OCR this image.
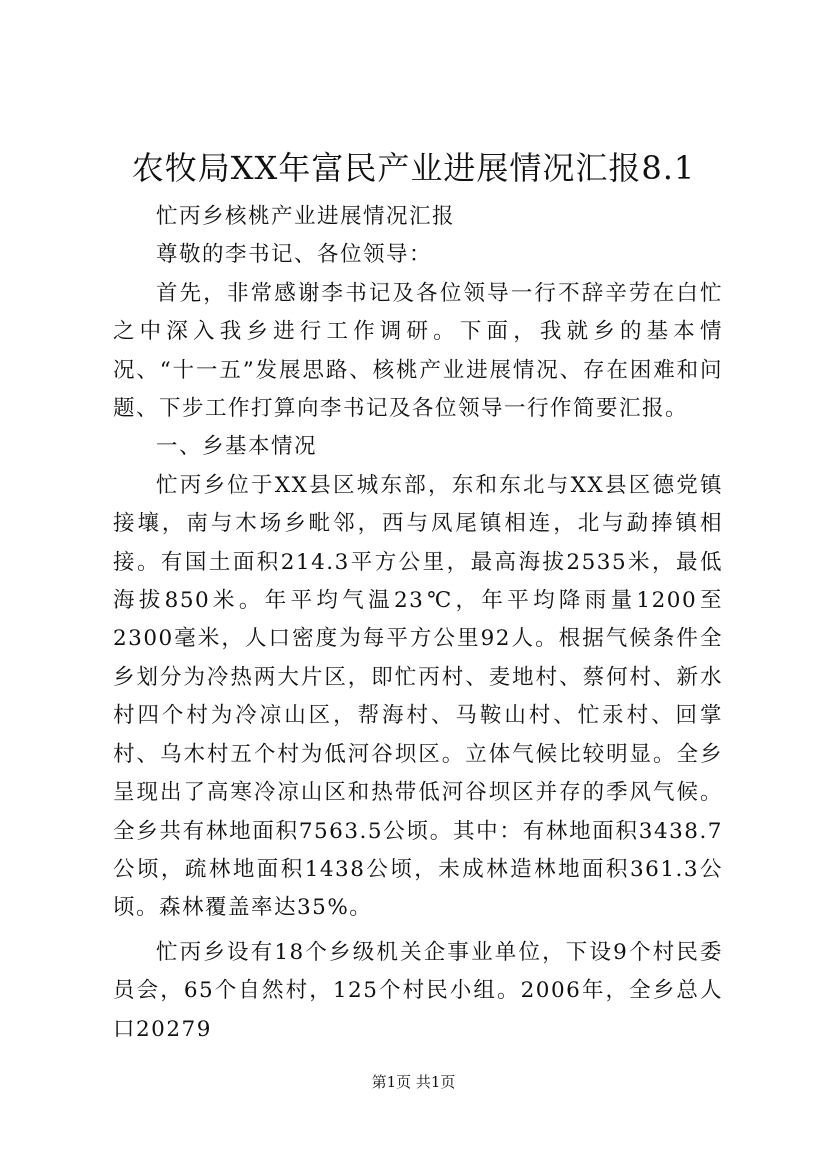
农牧局XX年富民产业进展情况汇报8.1

忙丙乡核桃产业进展情况汇报

尊敬的李书记、各位领导：

首先，非常感谢李书记及各位领导一行不辞辛劳在白忙之中深入我乡进行工作调研。下面，我就乡的基本情况、“十一五”发展思路、核桃产业进展情况、存在困难和问题、下步工作打算向李书记及各位领导一行作简要汇报。

一、乡基本情况

忙丙乡位于XX县区城东部，东和东北与XX县区德党镇接壤，南与木场乡毗邻，西与凤尾镇相连，北与勐捧镇相接。有国土面积214.3平方公里，最高海拔2535米，最低海拔850米。年平均气温23℃，年平均降雨量1200至2300毫米，人口密度为每平方公里92人。根据气候条件全乡划分为冷热两大片区，即忙丙村、麦地村、蔡何村、新水村四个村为冷凉山区，帮海村、马鞍山村、忙汞村、回掌村、乌木村五个村为低河谷坝区。立体气候比较明显。全乡呈现出了高寒冷凉山区和热带低河谷坝区并存的季风气候。全乡共有林地面积7563.5公顷。其中：有林地面积3438.7公顷，疏林地面积1438公顷，未成林造林地面积361.3公顷。森林覆盖率达35%。

忙丙乡设有18个乡级机关企事业单位，下设9个村民委员会，65个自然村，125个村民小组。2006年，全乡总人口20279

第1页 共1页
